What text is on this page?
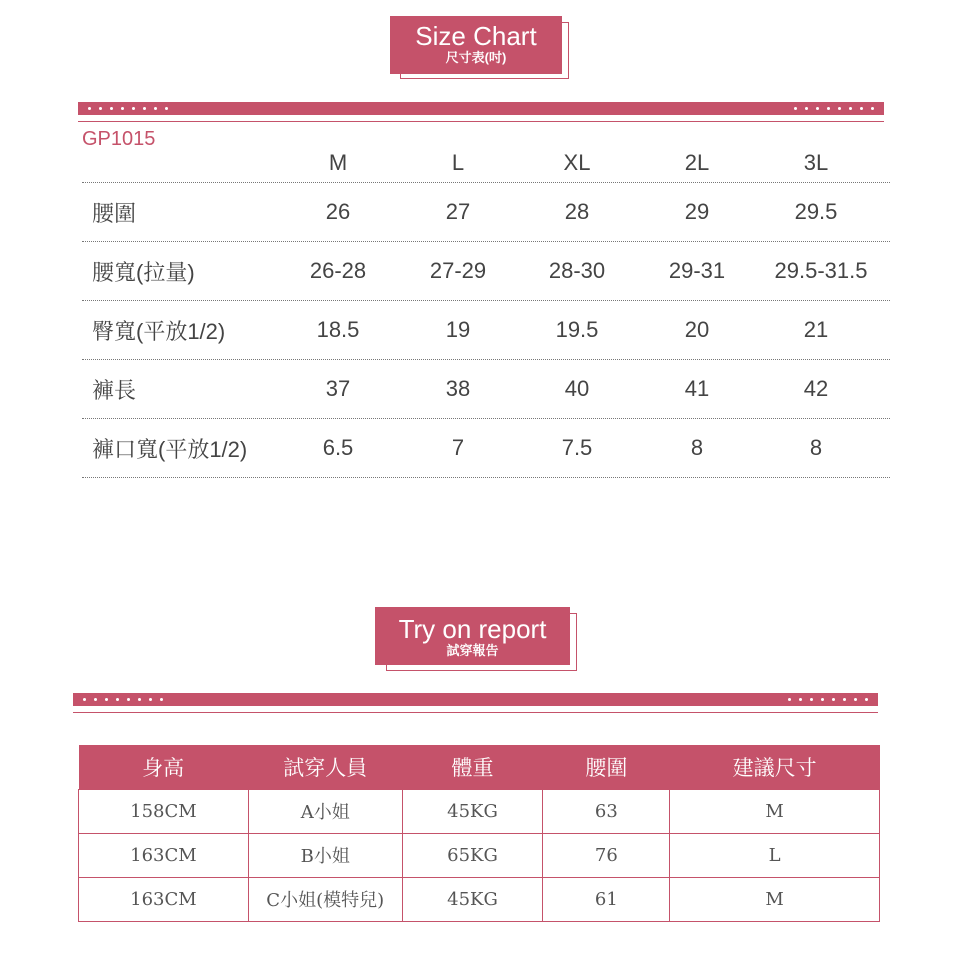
Size Chart
尺寸表(吋)
GP1015
M	L	XL	2L	3L
腰圍	26	27	28	29	29.5
腰寬(拉量)	26-28	27-29	28-30	29-31	29.5-31.5
臀寬(平放1/2)	18.5	19	19.5	20	21
褲長	37	38	40	41	42
褲口寬(平放1/2)	6.5	7	7.5	8	8
Try on report
試穿報告
身高	試穿人員	體重	腰圍	建議尺寸
158CM	A小姐	45KG	63	M
163CM	B小姐	65KG	76	L
163CM	C小姐(模特兒)	45KG	61	M
